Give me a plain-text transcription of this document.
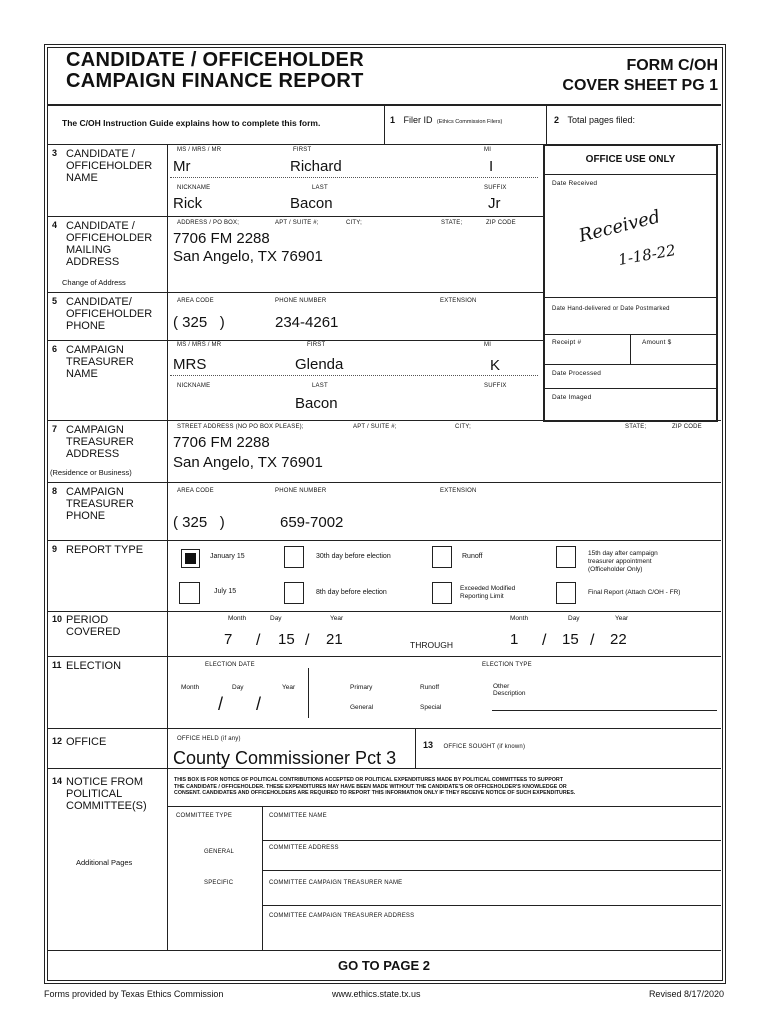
CANDIDATE / OFFICEHOLDER
CAMPAIGN FINANCE REPORT
FORM C/OH
COVER SHEET PG 1
The C/OH Instruction Guide explains how to complete this form.	1 Filer ID (Ethics Commission Filers)	2 Total pages filed:
OFFICE USE ONLY
Date Received
Received
1-18-22
Date Hand-delivered or Date Postmarked
Receipt #	Amount $
Date Processed
Date Imaged
3 CANDIDATE / OFFICEHOLDER NAME
MS / MRS / MR	FIRST	MI
Mr	Richard	I
NICKNAME	LAST	SUFFIX
Rick	Bacon	Jr
4 CANDIDATE / OFFICEHOLDER MAILING ADDRESS
Change of Address
ADDRESS / PO BOX;	APT / SUITE #;	CITY;	STATE;	ZIP CODE
7706 FM 2288
San Angelo, TX 76901
5 CANDIDATE/ OFFICEHOLDER PHONE
AREA CODE	PHONE NUMBER	EXTENSION
( 325   )	234-4261
6 CAMPAIGN TREASURER NAME
MS / MRS / MR	FIRST	MI
MRS	Glenda	K
NICKNAME	LAST	SUFFIX
Bacon
7 CAMPAIGN TREASURER ADDRESS
(Residence or Business)
STREET ADDRESS (NO PO BOX PLEASE);	APT / SUITE #;	CITY;	STATE;	ZIP CODE
7706 FM 2288
San Angelo, TX 76901
8 CAMPAIGN TREASURER PHONE
AREA CODE	PHONE NUMBER	EXTENSION
( 325   )	659-7002
9 REPORT TYPE
January 15	30th day before election	Runoff	15th day after campaign
treasurer appointment
(Officeholder Only)
July 15	8th day before election
Exceeded Modified
Reporting Limit
Final Report (Attach C/OH - FR)
10 PERIOD COVERED
Month	Day	Year
7 / 15 / 21	THROUGH
Month	Day	Year
1 / 15 / 22
11 ELECTION	ELECTION DATE	ELECTION TYPE
Month	Day	Year
/ /
Primary	Runoff	Other
Description
General	Special
12 OFFICE	OFFICE HELD (if any)
County Commissioner Pct 3
13 OFFICE SOUGHT (if known)
14 NOTICE FROM POLITICAL COMMITTEE(S)
Additional Pages
THIS BOX IS FOR NOTICE OF POLITICAL CONTRIBUTIONS ACCEPTED OR POLITICAL EXPENDITURES MADE BY POLITICAL COMMITTEES TO SUPPORT
THE CANDIDATE / OFFICEHOLDER. THESE EXPENDITURES MAY HAVE BEEN MADE WITHOUT THE CANDIDATE'S OR OFFICEHOLDER'S KNOWLEDGE OR
CONSENT. CANDIDATES AND OFFICEHOLDERS ARE REQUIRED TO REPORT THIS INFORMATION ONLY IF THEY RECEIVE NOTICE OF SUCH EXPENDITURES.
COMMITTEE TYPE	COMMITTEE NAME
GENERAL
COMMITTEE ADDRESS
SPECIFIC	COMMITTEE CAMPAIGN TREASURER NAME
COMMITTEE CAMPAIGN TREASURER ADDRESS
GO TO PAGE 2
Forms provided by Texas Ethics Commission	www.ethics.state.tx.us	Revised 8/17/2020
